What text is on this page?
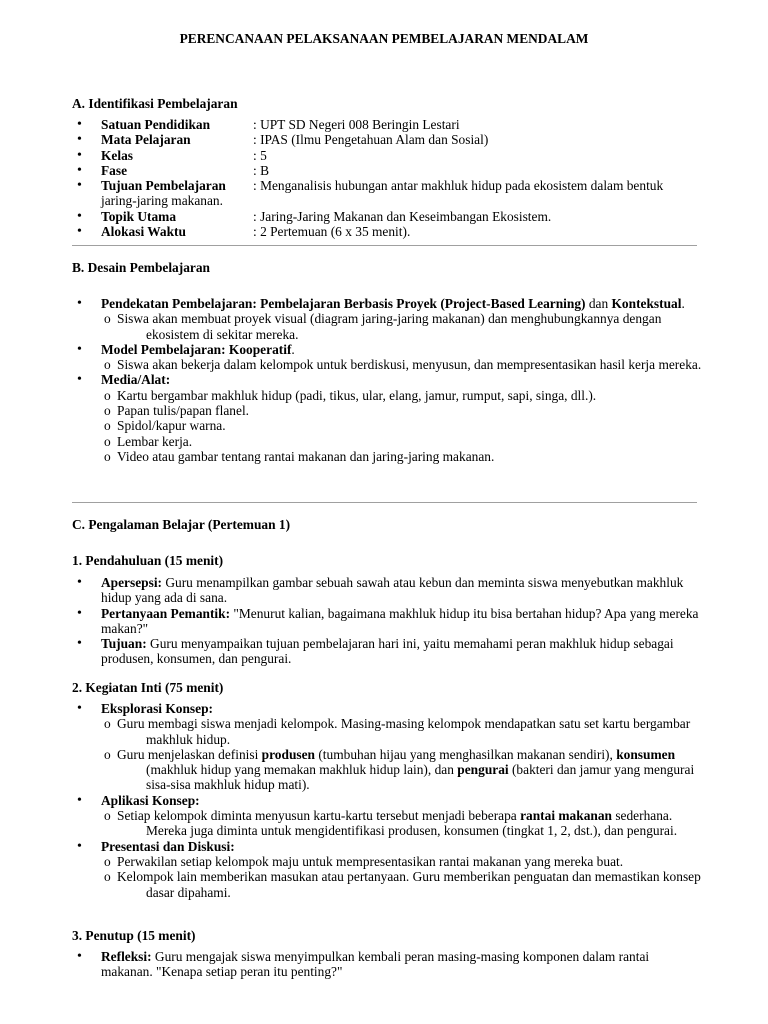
PERENCANAAN PELAKSANAAN PEMBELAJARAN MENDALAM
A. Identifikasi Pembelajaran
• Satuan Pendidikan	: UPT SD Negeri 008 Beringin Lestari
• Mata Pelajaran	: IPAS (Ilmu Pengetahuan Alam dan Sosial)
• Kelas	: 5
• Fase	: B
• Tujuan Pembelajaran : Menganalisis hubungan antar makhluk hidup pada ekosistem dalam bentuk jaring-jaring makanan.
• Topik Utama	: Jaring-Jaring Makanan dan Keseimbangan Ekosistem.
• Alokasi Waktu	: 2 Pertemuan (6 x 35 menit).
B. Desain Pembelajaran
• Pendekatan Pembelajaran: Pembelajaran Berbasis Proyek (Project-Based Learning) dan Kontekstual.
o Siswa akan membuat proyek visual (diagram jaring-jaring makanan) dan menghubungkannya dengan ekosistem di sekitar mereka.
• Model Pembelajaran: Kooperatif.
o Siswa akan bekerja dalam kelompok untuk berdiskusi, menyusun, dan mempresentasikan hasil kerja mereka.
• Media/Alat:
o Kartu bergambar makhluk hidup (padi, tikus, ular, elang, jamur, rumput, sapi, singa, dll.).
o Papan tulis/papan flanel.
o Spidol/kapur warna.
o Lembar kerja.
o Video atau gambar tentang rantai makanan dan jaring-jaring makanan.
C. Pengalaman Belajar (Pertemuan 1)
1. Pendahuluan (15 menit)
• Apersepsi: Guru menampilkan gambar sebuah sawah atau kebun dan meminta siswa menyebutkan makhluk hidup yang ada di sana.
• Pertanyaan Pemantik: "Menurut kalian, bagaimana makhluk hidup itu bisa bertahan hidup? Apa yang mereka makan?"
• Tujuan: Guru menyampaikan tujuan pembelajaran hari ini, yaitu memahami peran makhluk hidup sebagai produsen, konsumen, dan pengurai.
2. Kegiatan Inti (75 menit)
• Eksplorasi Konsep:
o Guru membagi siswa menjadi kelompok. Masing-masing kelompok mendapatkan satu set kartu bergambar makhluk hidup.
o Guru menjelaskan definisi produsen (tumbuhan hijau yang menghasilkan makanan sendiri), konsumen (makhluk hidup yang memakan makhluk hidup lain), dan pengurai (bakteri dan jamur yang mengurai sisa-sisa makhluk hidup mati).
• Aplikasi Konsep:
o Setiap kelompok diminta menyusun kartu-kartu tersebut menjadi beberapa rantai makanan sederhana. Mereka juga diminta untuk mengidentifikasi produsen, konsumen (tingkat 1, 2, dst.), dan pengurai.
• Presentasi dan Diskusi:
o Perwakilan setiap kelompok maju untuk mempresentasikan rantai makanan yang mereka buat.
o Kelompok lain memberikan masukan atau pertanyaan. Guru memberikan penguatan dan memastikan konsep dasar dipahami.
3. Penutup (15 menit)
• Refleksi: Guru mengajak siswa menyimpulkan kembali peran masing-masing komponen dalam rantai makanan. "Kenapa setiap peran itu penting?"
